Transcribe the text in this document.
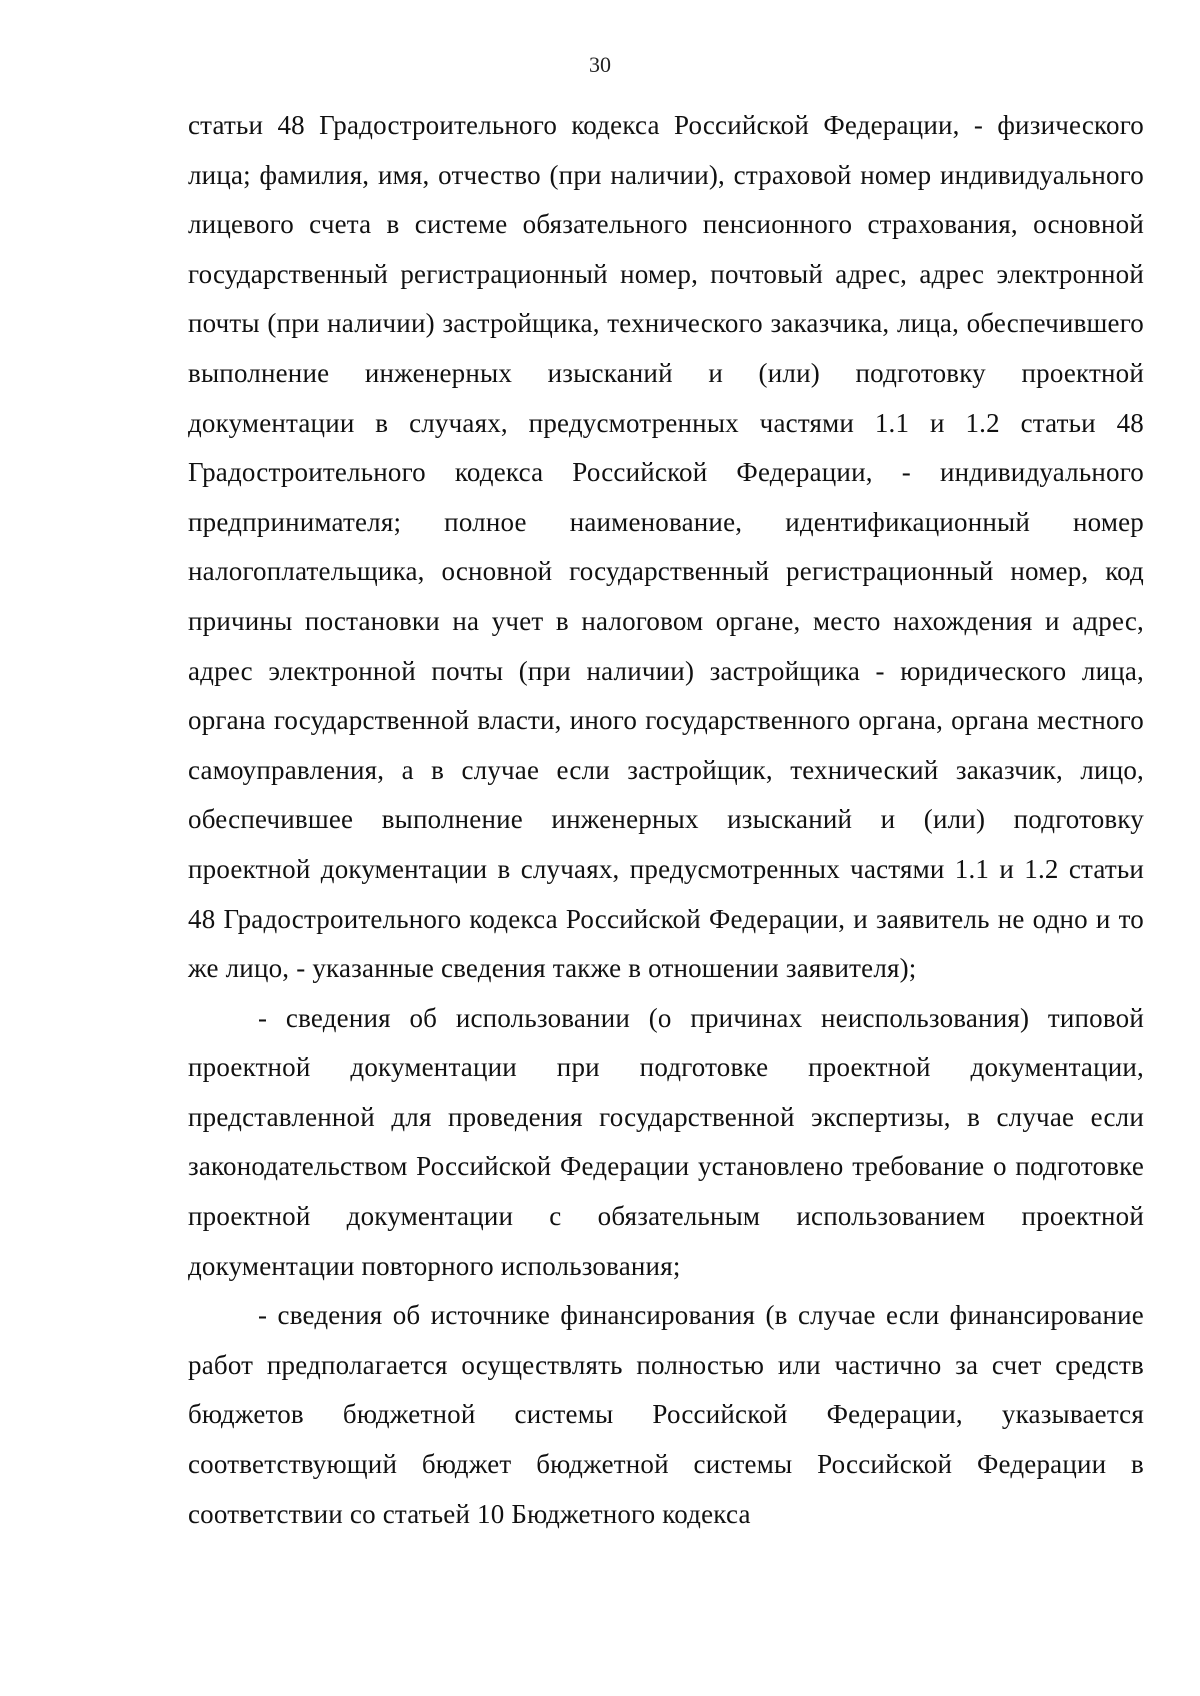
30

статьи 48 Градостроительного кодекса Российской Федерации, - физического лица; фамилия, имя, отчество (при наличии), страховой номер индивидуального лицевого счета в системе обязательного пенсионного страхования, основной государственный регистрационный номер, почтовый адрес, адрес электронной почты (при наличии) застройщика, технического заказчика, лица, обеспечившего выполнение инженерных изысканий и (или) подготовку проектной документации в случаях, предусмотренных частями 1.1 и 1.2 статьи 48 Градостроительного кодекса Российской Федерации, - индивидуального предпринимателя; полное наименование, идентификационный номер налогоплательщика, основной государственный регистрационный номер, код причины постановки на учет в налоговом органе, место нахождения и адрес, адрес электронной почты (при наличии) застройщика - юридического лица, органа государственной власти, иного государственного органа, органа местного самоуправления, а в случае если застройщик, технический заказчик, лицо, обеспечившее выполнение инженерных изысканий и (или) подготовку проектной документации в случаях, предусмотренных частями 1.1 и 1.2 статьи 48 Градостроительного кодекса Российской Федерации, и заявитель не одно и то же лицо, - указанные сведения также в отношении заявителя);

- сведения об использовании (о причинах неиспользования) типовой проектной документации при подготовке проектной документации, представленной для проведения государственной экспертизы, в случае если законодательством Российской Федерации установлено требование о подготовке проектной документации с обязательным использованием проектной документации повторного использования;

- сведения об источнике финансирования (в случае если финансирование работ предполагается осуществлять полностью или частично за счет средств бюджетов бюджетной системы Российской Федерации, указывается соответствующий бюджет бюджетной системы Российской Федерации в соответствии со статьей 10 Бюджетного кодекса
